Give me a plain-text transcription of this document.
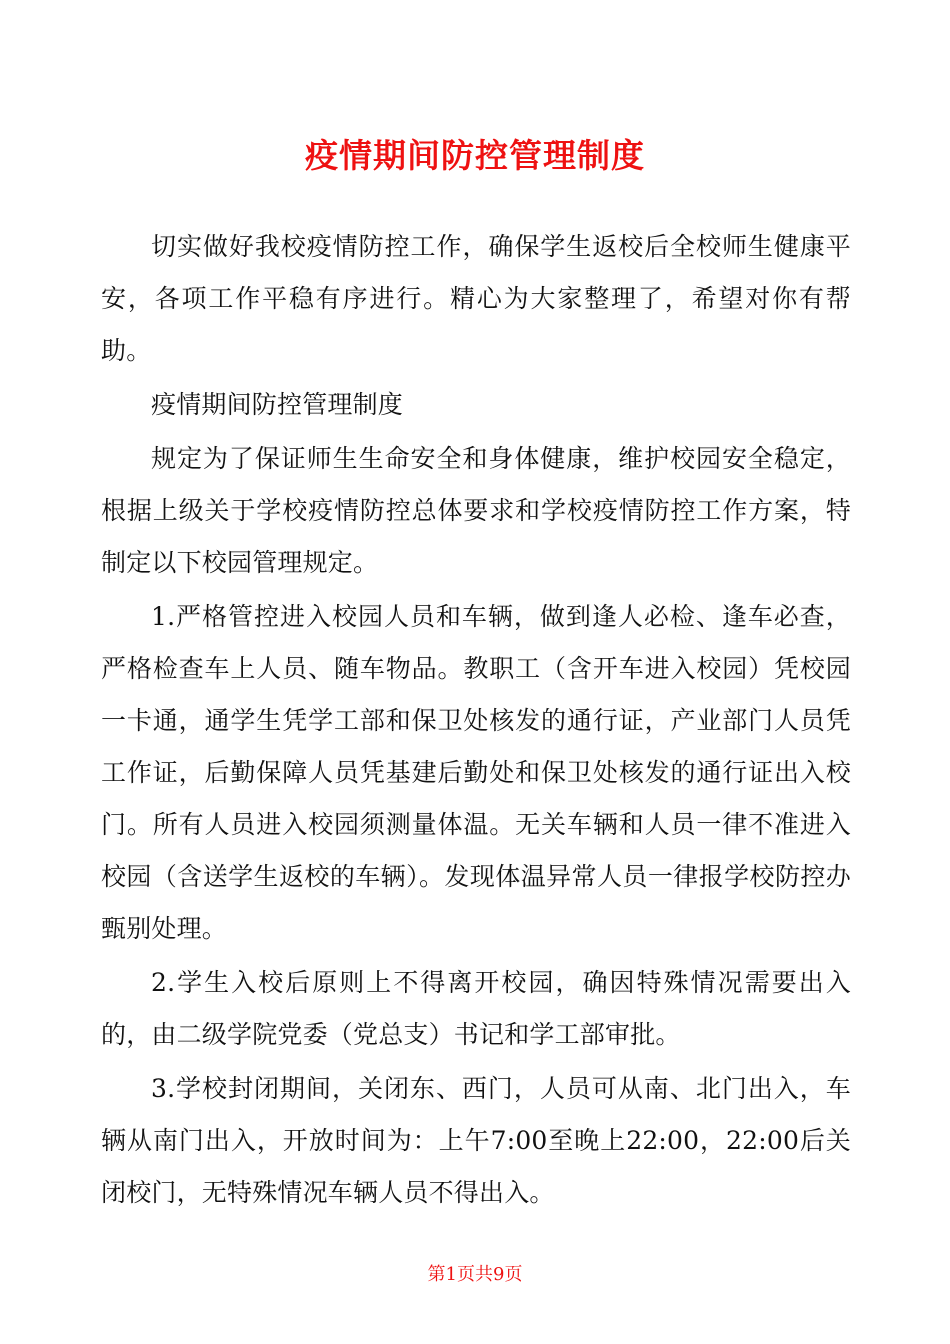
疫情期间防控管理制度

切实做好我校疫情防控工作，确保学生返校后全校师生健康平安，各项工作平稳有序进行。精心为大家整理了，希望对你有帮助。

疫情期间防控管理制度

规定为了保证师生生命安全和身体健康，维护校园安全稳定，根据上级关于学校疫情防控总体要求和学校疫情防控工作方案，特制定以下校园管理规定。

1.严格管控进入校园人员和车辆，做到逢人必检、逢车必查，严格检查车上人员、随车物品。教职工（含开车进入校园）凭校园一卡通，通学生凭学工部和保卫处核发的通行证，产业部门人员凭工作证，后勤保障人员凭基建后勤处和保卫处核发的通行证出入校门。所有人员进入校园须测量体温。无关车辆和人员一律不准进入校园（含送学生返校的车辆）。发现体温异常人员一律报学校防控办甄别处理。

2.学生入校后原则上不得离开校园，确因特殊情况需要出入的，由二级学院党委（党总支）书记和学工部审批。

3.学校封闭期间，关闭东、西门，人员可从南、北门出入，车辆从南门出入，开放时间为：上午7:00至晚上22:00，22:00后关闭校门，无特殊情况车辆人员不得出入。

第1页共9页
